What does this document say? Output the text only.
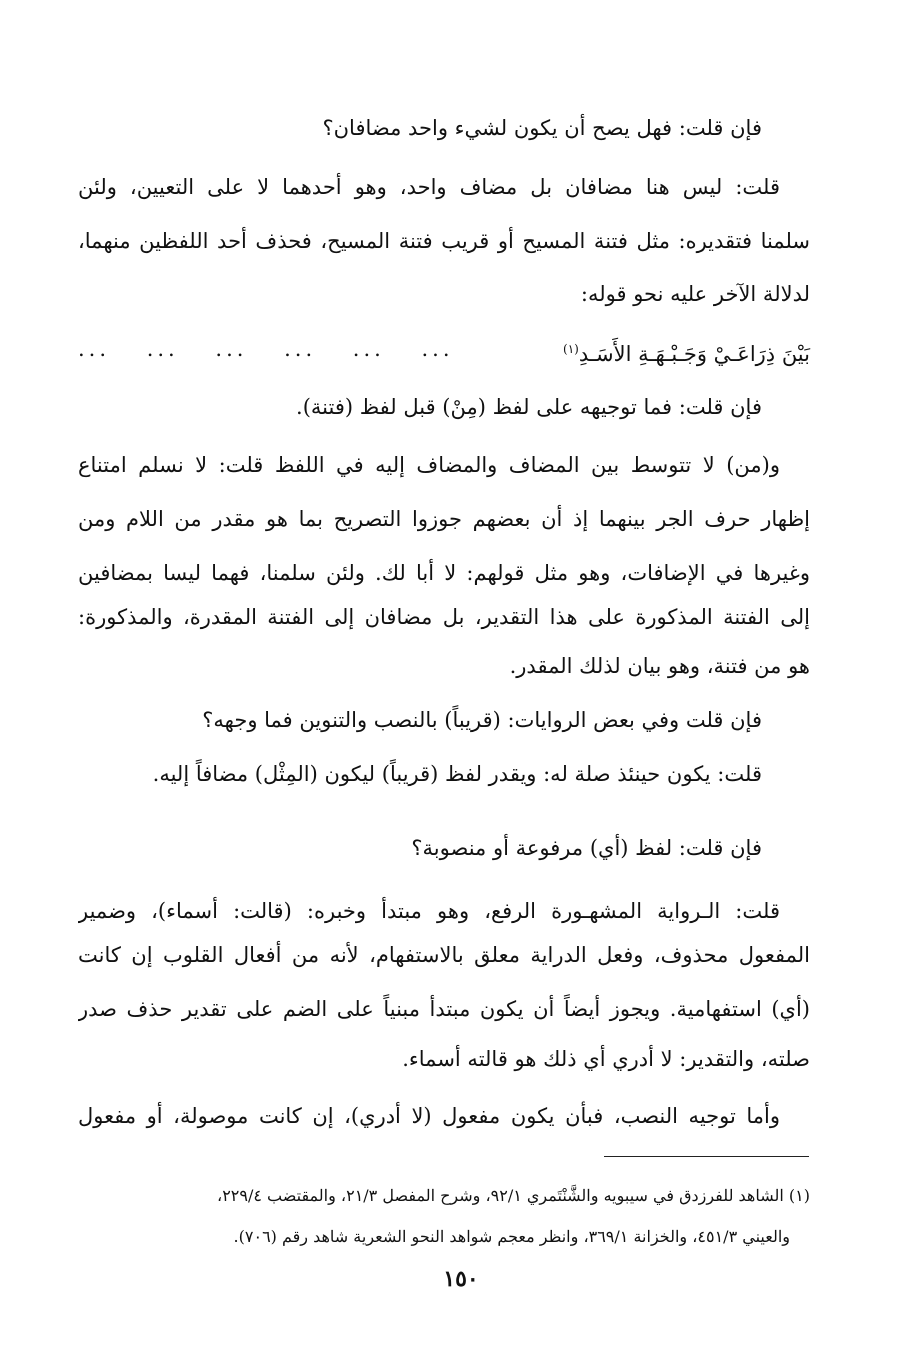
فإن قلت: فهل يصح أن يكون لشيء واحد مضافان؟
قلت: ليس هنا مضافان بل مضاف واحد، وهو أحدهما لا على التعيين، ولئن
سلمنا فتقديره: مثل فتنة المسيح أو قريب فتنة المسيح، فحذف أحد اللفظين منهما،
لدلالة الآخر عليه نحو قوله:
بَيْنَ ذِرَاعَـيْ وَجَـبْـهَـةِ الأَسَـدِ$^{(١)}$
... ... ... ... ... ...
فإن قلت: فما توجيهه على لفظ (مِنْ) قبل لفظ (فتنة).
و(من) لا تتوسط بين المضاف والمضاف إليه في اللفظ قلت: لا نسلم امتناع
إظهار حرف الجر بينهما إذ أن بعضهم جوزوا التصريح بما هو مقدر من اللام ومن
وغيرها في الإضافات، وهو مثل قولهم: لا أبا لك. ولئن سلمنا، فهما ليسا بمضافين
إلى الفتنة المذكورة على هذا التقدير، بل مضافان إلى الفتنة المقدرة، والمذكورة:
هو من فتنة، وهو بيان لذلك المقدر.
فإن قلت وفي بعض الروايات: (قريباً) بالنصب والتنوين فما وجهه؟
قلت: يكون حينئذ صلة له: ويقدر لفظ (قريباً) ليكون (المِثْل) مضافاً إليه.
فإن قلت: لفظ (أي) مرفوعة أو منصوبة؟
قلت: الـرواية المشهـورة الرفع، وهو مبتدأ وخبره: (قالت: أسماء)، وضمير
المفعول محذوف، وفعل الدراية معلق بالاستفهام، لأنه من أفعال القلوب إن كانت
(أي) استفهامية. ويجوز أيضاً أن يكون مبتدأ مبنياً على الضم على تقدير حذف صدر
صلته، والتقدير: لا أدري أي ذلك هو قالته أسماء.
وأما توجيه النصب، فبأن يكون مفعول (لا أدري)، إن كانت موصولة، أو مفعول
(١) الشاهد للفرزدق في سيبويه والشَّنْتَمري ٩٢/١، وشرح المفصل ٢١/٣، والمقتضب ٢٢٩/٤،
والعيني ٤٥١/٣، والخزانة ٣٦٩/١، وانظر معجم شواهد النحو الشعرية شاهد رقم (٧٠٦).
١٥٠
